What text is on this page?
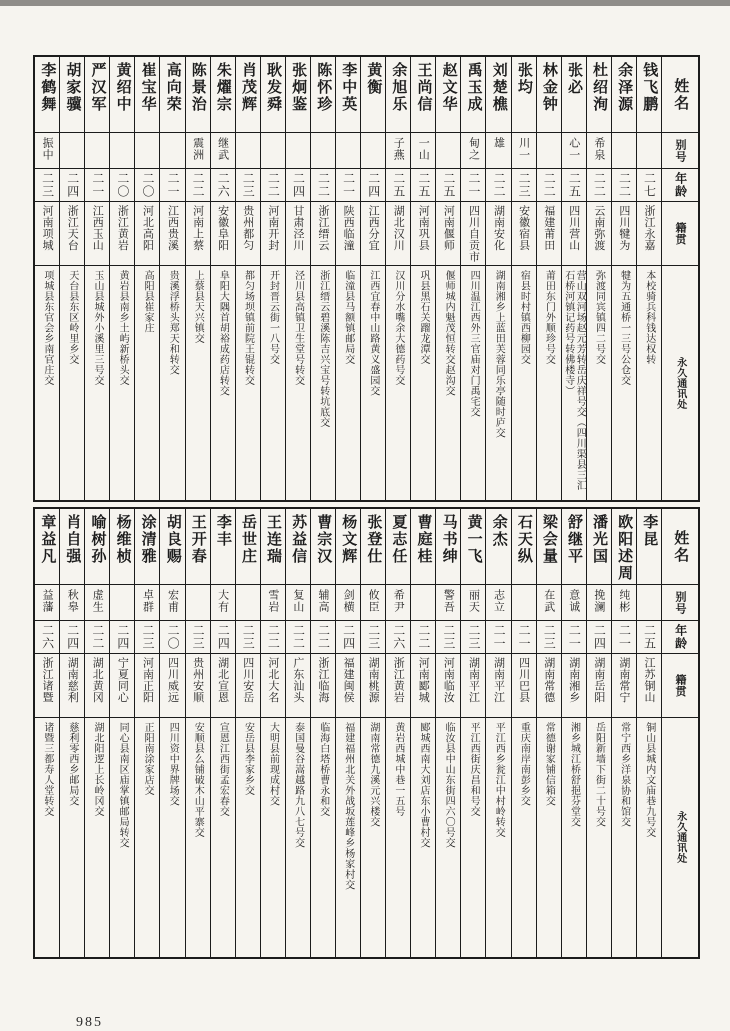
姓名
别号
年龄
籍贯
永久通讯处
钱飞鹏
二七
浙江永嘉
本校骑兵科钱达权转
余泽源
二二
四川犍为
犍为五通桥一三号公仓交
杜绍洵
希泉
二二
云南弥渡
弥渡同宾镇四二号交
张必
心一
二五
四川营山
营山双河场赵元芳转岳庆祥号交（四川渠县三汇石桥河镇记药号转佛楼寺）
林金钟
二二
福建莆田
莆田东门外顺珍号交
张均
川一
二三
安徽宿县
宿县时村镇西柳园交
刘楚樵
雄
二二
湖南安化
湖南湘乡上蓝田芙蓉同乐亭随时庐交
禹玉成
甸之
二一
四川自贡市
四川温江西外三官庙对门禹宅交
赵文华
二五
河南偃师
偃师城内魁茂恒转交赵沟交
王尚信
一山
二五
河南巩县
巩县黑石关蹓龙潭交
余旭乐
子燕
二五
湖北汉川
汉川分水嘴余大德药号交
黄衡
二四
江西分宜
江西宜春中山路黄义盛园交
李中英
二一
陕西临潼
临潼县马额镇邮局交
陈怀珍
二二
浙江缙云
浙江缙云碧溪陈吉兴宝号转坑底交
张炯鉴
二四
甘肃泾川
泾川县高镇卫生堂号转交
耿发舜
二二
河南开封
开封晋云街一八号交
肖茂辉
二三
贵州都匀
都匀场坝镇前院王锟转交
朱燿宗
继武
二六
安徽阜阳
阜阳大隅首胡裕成药店转交
陈景治
震洲
二二
河南上蔡
上蔡县天兴镇交
高向荣
二一
江西贵溪
贵溪浮桥头郑天和转交
崔宝华
二〇
河北高阳
高阳县崔家庄
黄绍中
二〇
浙江黄岩
黄岩县南乡土屿新桥头交
严汉军
二一
江西玉山
玉山县城外小溪里三号交
胡家骥
二四
浙江天台
天台县东区岭里乡交
李鹤舞
振中
二三
河南项城
项城县东官会乡南官庄交
姓名
别号
年龄
籍贯
永久通讯处
李昆
二五
江苏铜山
铜山县城内文庙巷九号交
欧阳述周
纯彬
二一
湖南常宁
常宁西乡洋泉协和馆交
潘光国
挽澜
二四
湖南岳阳
岳阳新墙下街二十号交
舒继平
意诚
二一
湖南湘乡
湘乡城江桥舒挹芬堂交
梁会量
在武
二三
湖南常德
常德谢家铺信箱交
石天纵
二一
四川巴县
重庆南岸南彭乡交
余杰
志立
二一
湖南平江
平江西乡瓮江中村岭转交
黄一飞
丽天
二三
湖南平江
平江西街庆昌和号交
马书绅
警吾
二三
河南临汝
临汝县中山东街四六〇号交
曹庭桂
二二
河南郾城
郾城西南大刘店东小曹村交
夏志任
希尹
二六
浙江黄岩
黄岩西城中巷一五号
张登仕
攸臣
二三
湖南桃源
湖南常德九溪元兴楼交
杨文辉
剑横
二四
福建闽侯
福建福州北关外战坂莲峰乡杨家村交
曹宗汉
辅高
二二
浙江临海
临海白塔桥曹永和交
苏益信
复山
二二
广东汕头
泰国曼谷嵩越路九八七号交
王连瑞
雪岩
二二
河北大名
大明县前现成村交
岳世庄
二三
四川安岳
安岳县李家乡交
李丰
大有
二四
湖北宣恩
宣恩江西街孟宏春交
王开春
二三
贵州安顺
安顺县么铺破木山平寨交
胡良赐
宏甫
二〇
四川威远
四川资中界牌场交
涂清雅
卓群
二三
河南正阳
正阳南涂家店交
杨维桢
二四
宁夏同心
同心县南区庙掌镇邮局转交
喻树孙
虚生
二二
湖北黄冈
湖北阳逻上长岭冈交
肖自强
秋皋
二四
湖南慈利
慈利零西乡邮局交
章益凡
益藩
二六
浙江诸暨
诸暨三都寿人堂转交
985
